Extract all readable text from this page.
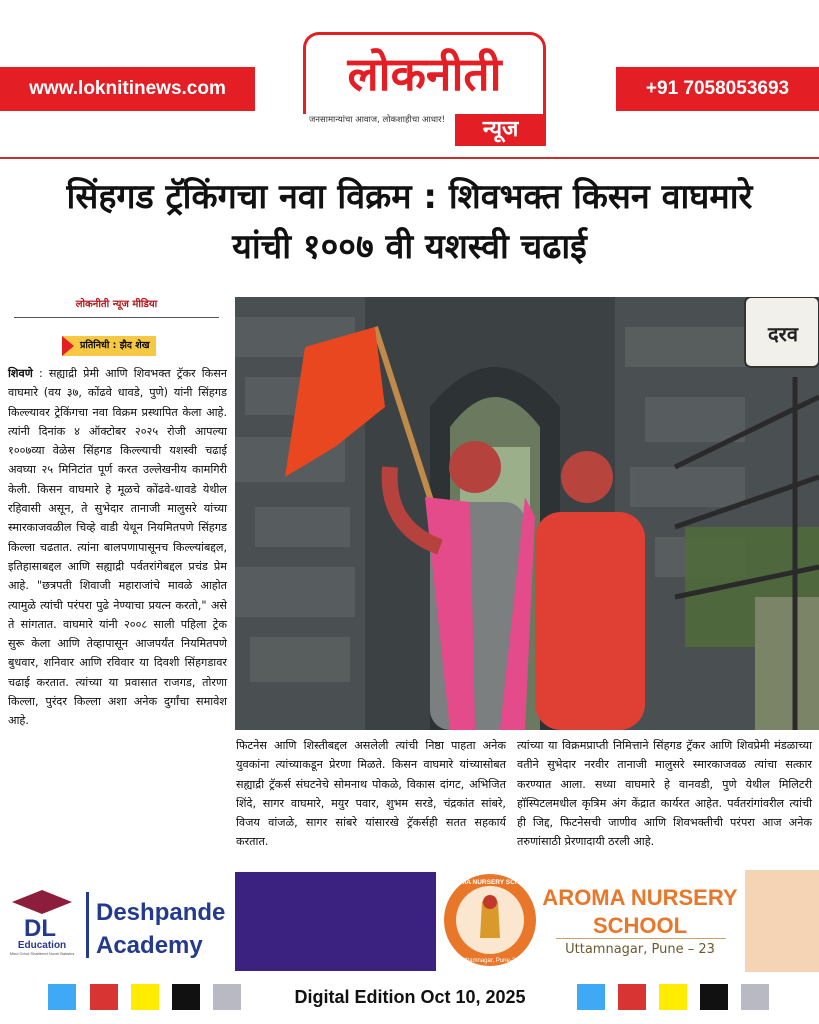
www.loknitinews.com	+91 7058053693
लोकनीती
जनसामान्यांचा आवाज, लोकशाहीचा आधार!	न्यूज
सिंहगड ट्रॅकिंगचा नवा विक्रम : शिवभक्त किसन वाघमारे
यांची १००७ वी यशस्वी चढाई
लोकनीती न्यूज मीडिया
प्रतिनिधी : झैद शेख
शिवणे : सह्याद्री प्रेमी आणि शिवभक्त ट्रॅकर किसन वाघमारे (वय ३७, कोंढवे धावडे, पुणे) यांनी सिंहगड किल्ल्यावर ट्रेकिंगचा नवा विक्रम प्रस्थापित केला आहे. त्यांनी दिनांक ४ ऑक्टोबर २०२५ रोजी आपल्या १००७व्या वेळेस सिंहगड किल्ल्याची यशस्वी चढाई अवघ्या २५ मिनिटांत पूर्ण करत उल्लेखनीय कामगिरी केली. किसन वाघमारे हे मूळचे कोंढवे-धावडे येथील रहिवासी असून, ते सुभेदार तानाजी मालुसरे यांच्या स्मारकाजवळील चिव्हे वाडी येथून नियमितपणे सिंहगड किल्ला चढतात. त्यांना बालपणापासूनच किल्ल्यांबद्दल, इतिहासाबद्दल आणि सह्याद्री पर्वतरांगेबद्दल प्रचंड प्रेम आहे. "छत्रपती शिवाजी महाराजांचे मावळे आहोत त्यामुळे त्यांची परंपरा पुढे नेण्याचा प्रयत्न करतो," असे ते सांगतात. वाघमारे यांनी २००८ साली पहिला ट्रेक सुरू केला आणि तेव्हापासून आजपर्यंत नियमितपणे बुधवार, शनिवार आणि रविवार या दिवशी सिंहगडावर चढाई करतात. त्यांच्या या प्रवासात राजगड, तोरणा किल्ला, पुरंदर किल्ला अशा अनेक दुर्गांचा समावेश आहे.
दरव
फिटनेस आणि शिस्तीबद्दल असलेली त्यांची निष्ठा पाहता अनेक युवकांना त्यांच्याकडून प्रेरणा मिळते. किसन वाघमारे यांच्यासोबत सह्याद्री ट्रॅकर्स संघटनेचे सोमनाथ पोकळे, विकास दांगट, अभिजित शिंदे, सागर वाघमारे, मयुर पवार, शुभम सरडे, चंद्रकांत सांबरे, विजय वांजळे, सागर सांबरे यांसारखे ट्रॅकर्सही सतत सहकार्य करतात.
त्यांच्या या विक्रमप्राप्ती निमित्ताने सिंहगड ट्रॅकर आणि शिवप्रेमी मंडळाच्या वतीने सुभेदार नरवीर तानाजी मालुसरे स्मारकाजवळ त्यांचा सत्कार करण्यात आला. सध्या वाघमारे हे वानवडी, पुणे येथील मिलिटरी हॉस्पिटलमधील कृत्रिम अंग केंद्रात कार्यरत आहेत. पर्वतरांगांवरील त्यांची ही जिद्द, फिटनेसची जाणीव आणि शिवभक्तीची परंपरा आज अनेक तरुणांसाठी प्रेरणादायी ठरली आहे.
DL
Education
Mind Grind Shattered Novel Batwins
Deshpande
Academy
AROMA NURSERY SCHOOL
Uttamnagar, Pune-23
AROMA NURSERY SCHOOL
Uttamnagar, Pune – 23
Digital Edition Oct 10, 2025
